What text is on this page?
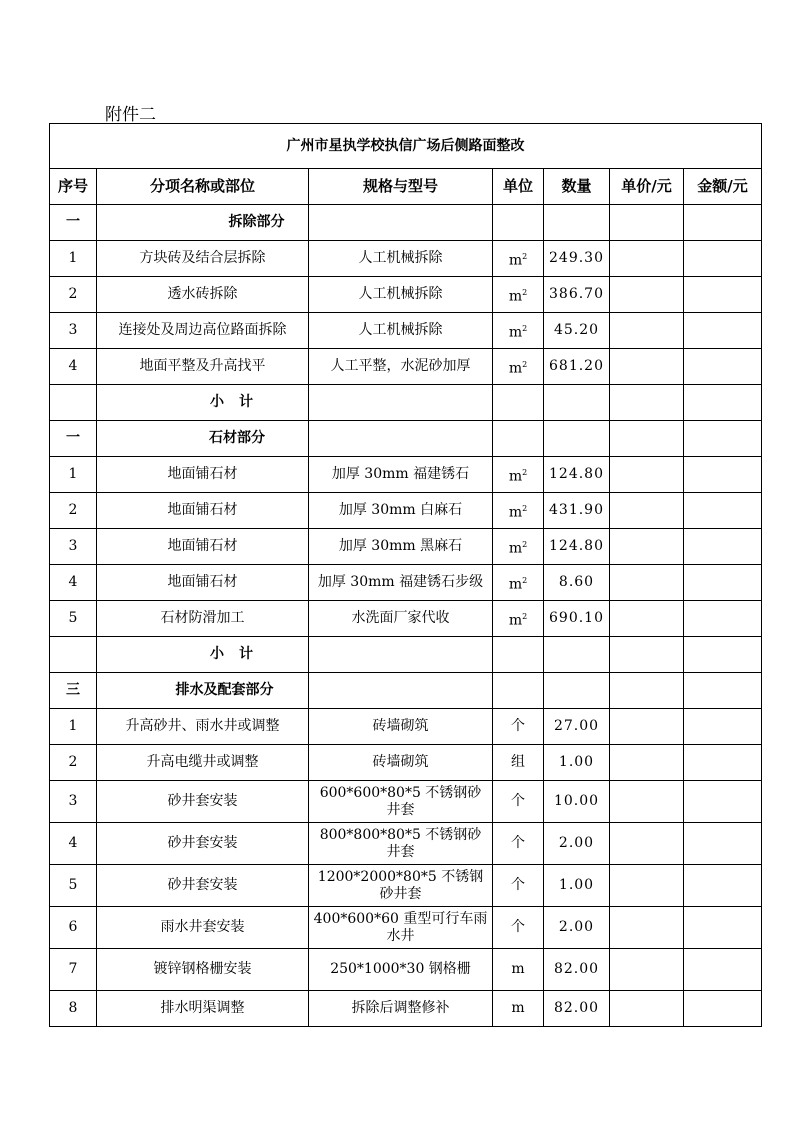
附件二
广州市星执学校执信广场后侧路面整改						
序号	分项名称或部位	规格与型号	单位	数量	单价/元	金额/元
一	拆除部分					
1	方块砖及结合层拆除	人工机械拆除	$m^2$	249.30		
2	透水砖拆除	人工机械拆除	$m^2$	386.70		
3	连接处及周边高位路面拆除	人工机械拆除	$m^2$	45.20		
4	地面平整及升高找平	人工平整，水泥砂加厚	$m^2$	681.20		
	小计					
一	石材部分					
1	地面铺石材	加厚 30mm 福建锈石	$m^2$	124.80		
2	地面铺石材	加厚 30mm 白麻石	$m^2$	431.90		
3	地面铺石材	加厚 30mm 黑麻石	$m^2$	124.80		
4	地面铺石材	加厚 30mm 福建锈石步级	$m^2$	8.60		
5	石材防滑加工	水洗面厂家代收	$m^2$	690.10		
	小计					
三	排水及配套部分					
1	升高砂井、雨水井或调整	砖墙砌筑	个	27.00		
2	升高电缆井或调整	砖墙砌筑	组	1.00		
3	砂井套安装	600*600*80*5 不锈钢砂井套	个	10.00		
4	砂井套安装	800*800*80*5 不锈钢砂井套	个	2.00		
5	砂井套安装	1200*2000*80*5 不锈钢砂井套	个	1.00		
6	雨水井套安装	400*600*60 重型可行车雨水井	个	2.00		
7	镀锌钢格栅安装	250*1000*30 钢格栅	m	82.00		
8	排水明渠调整	拆除后调整修补	m	82.00		
